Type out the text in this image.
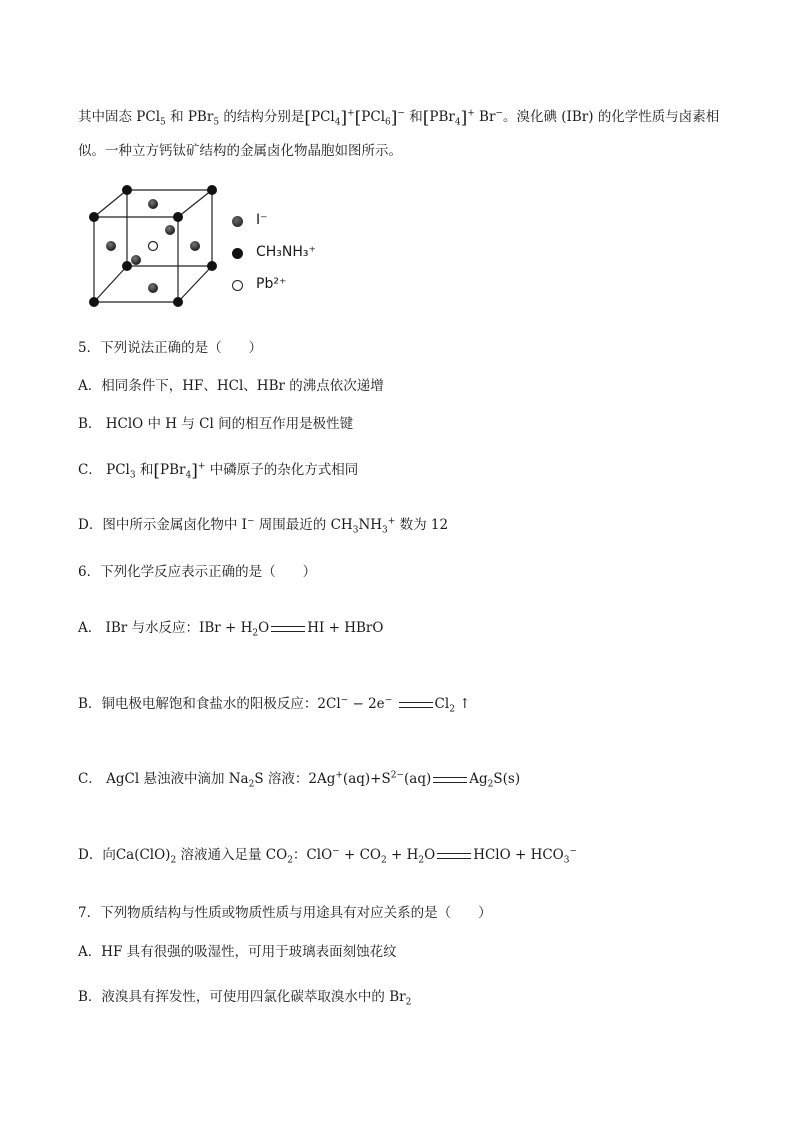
其中固态 PCl$_5$ 和 PBr$_5$ 的结构分别是[PCl$_4$]+[PCl$_6$]− 和[PBr$_4$]+ Br−。溴化碘 (IBr) 的化学性质与卤素相
似。一种立方钙钛矿结构的金属卤化物晶胞如图所示。
I⁻
CH₃NH₃⁺
Pb²⁺
5．下列说法正确的是（　　）
A．相同条件下，HF、HCl、HBr 的沸点依次递增
B． HClO 中 H 与 Cl 间的相互作用是极性键
C． PCl$_3$ 和[PBr$_4$]+ 中磷原子的杂化方式相同
D．图中所示金属卤化物中 I− 周围最近的 $CH_3NH_3^+$ 数为 12
6．下列化学反应表示正确的是（　　）
A． IBr 与水反应：IBr + $H_2O$	HI + HBrO
B．铜电极电解饱和食盐水的阳极反应：2Cl− − 2e−	$Cl_2$ ↑
C． AgCl 悬浊液中滴加 $Na_2S$ 溶液：$2Ag^+(aq)+S^{2-}(aq)$	$Ag_2S(s)$
D．向$Ca(ClO)_2$ 溶液通入足量 $CO_2$：$ClO^- + CO_2 + H_2O$	HClO + $HCO_3^-$
7．下列物质结构与性质或物质性质与用途具有对应关系的是（　　）
A．HF 具有很强的吸湿性，可用于玻璃表面刻蚀花纹
B．液溴具有挥发性，可使用四氯化碳萃取溴水中的 $Br_2$
